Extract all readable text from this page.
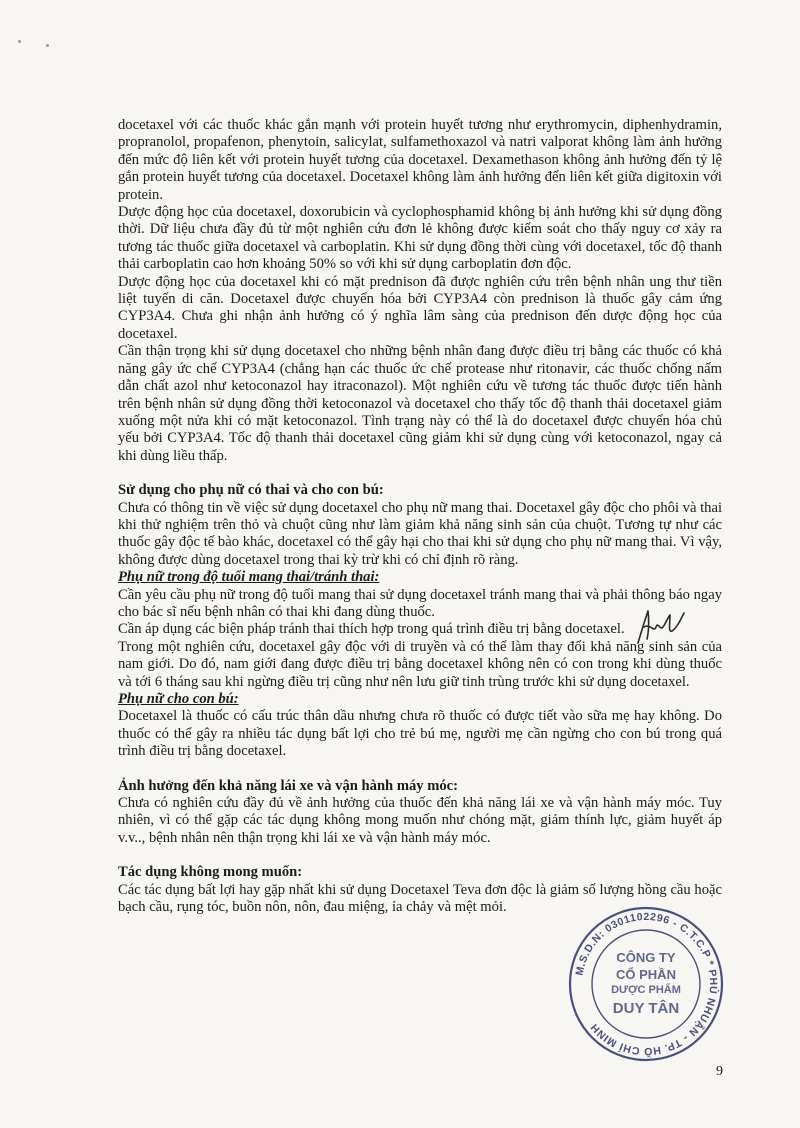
docetaxel với các thuốc khác gắn mạnh với protein huyết tương như erythromycin, diphenhydramin, propranolol, propafenon, phenytoin, salicylat, sulfamethoxazol và natri valporat không làm ảnh hưởng đến mức độ liên kết với protein huyết tương của docetaxel. Dexamethason không ảnh hưởng đến tỷ lệ gắn protein huyết tương của docetaxel. Docetaxel không làm ảnh hưởng đến liên kết giữa digitoxin với protein.

Dược động học của docetaxel, doxorubicin và cyclophosphamid không bị ảnh hưởng khi sử dụng đồng thời. Dữ liệu chưa đầy đủ từ một nghiên cứu đơn lẻ không được kiểm soát cho thấy nguy cơ xảy ra tương tác thuốc giữa docetaxel và carboplatin. Khi sử dụng đồng thời cùng với docetaxel, tốc độ thanh thải carboplatin cao hơn khoảng 50% so với khi sử dụng carboplatin đơn độc.

Dược động học của docetaxel khi có mặt prednison đã được nghiên cứu trên bệnh nhân ung thư tiền liệt tuyến di căn. Docetaxel được chuyển hóa bởi CYP3A4 còn prednison là thuốc gây cảm ứng CYP3A4. Chưa ghi nhận ảnh hưởng có ý nghĩa lâm sàng của prednison đến dược động học của docetaxel.

Cần thận trọng khi sử dụng docetaxel cho những bệnh nhân đang được điều trị bằng các thuốc có khả năng gây ức chế CYP3A4 (chẳng hạn các thuốc ức chế protease như ritonavir, các thuốc chống nấm dẫn chất azol như ketoconazol hay itraconazol). Một nghiên cứu về tương tác thuốc được tiến hành trên bệnh nhân sử dụng đồng thời ketoconazol và docetaxel cho thấy tốc độ thanh thải docetaxel giảm xuống một nửa khi có mặt ketoconazol. Tình trạng này có thể là do docetaxel được chuyển hóa chủ yếu bởi CYP3A4. Tốc độ thanh thải docetaxel cũng giảm khi sử dụng cùng với ketoconazol, ngay cả khi dùng liều thấp.

Sử dụng cho phụ nữ có thai và cho con bú:

Chưa có thông tin về việc sử dụng docetaxel cho phụ nữ mang thai. Docetaxel gây độc cho phôi và thai khi thử nghiệm trên thỏ và chuột cũng như làm giảm khả năng sinh sản của chuột. Tương tự như các thuốc gây độc tế bào khác, docetaxel có thể gây hại cho thai khi sử dụng cho phụ nữ mang thai. Vì vậy, không được dùng docetaxel trong thai kỳ trừ khi có chỉ định rõ ràng.

Phụ nữ trong độ tuổi mang thai/tránh thai:

Cần yêu cầu phụ nữ trong độ tuổi mang thai sử dụng docetaxel tránh mang thai và phải thông báo ngay cho bác sĩ nếu bệnh nhân có thai khi đang dùng thuốc.

Cần áp dụng các biện pháp tránh thai thích hợp trong quá trình điều trị bằng docetaxel.

Trong một nghiên cứu, docetaxel gây độc với di truyền và có thể làm thay đổi khả năng sinh sản của nam giới. Do đó, nam giới đang được điều trị bằng docetaxel không nên có con trong khi dùng thuốc và tới 6 tháng sau khi ngừng điều trị cũng như nên lưu giữ tinh trùng trước khi sử dụng docetaxel.

Phụ nữ cho con bú:

Docetaxel là thuốc có cấu trúc thân dầu nhưng chưa rõ thuốc có được tiết vào sữa mẹ hay không. Do thuốc có thể gây ra nhiều tác dụng bất lợi cho trẻ bú mẹ, người mẹ cần ngừng cho con bú trong quá trình điều trị bằng docetaxel.

Ảnh hưởng đến khả năng lái xe và vận hành máy móc:

Chưa có nghiên cứu đầy đủ về ảnh hưởng của thuốc đến khả năng lái xe và vận hành máy móc. Tuy nhiên, vì có thể gặp các tác dụng không mong muốn như chóng mặt, giảm thính lực, giảm huyết áp v.v.., bệnh nhân nên thận trọng khi lái xe và vận hành máy móc.

Tác dụng không mong muốn:

Các tác dụng bất lợi hay gặp nhất khi sử dụng Docetaxel Teva đơn độc là giảm số lượng hồng cầu hoặc bạch cầu, rụng tóc, buồn nôn, nôn, đau miệng, ỉa chảy và mệt mỏi.

M.S.D.N: 0301102296 - C.T.C.P * PHÚ NHUẬN - TP. HỒ CHÍ MINH
CÔNG TY
CỔ PHẦN
DƯỢC PHẨM
DUY TÂN
9
